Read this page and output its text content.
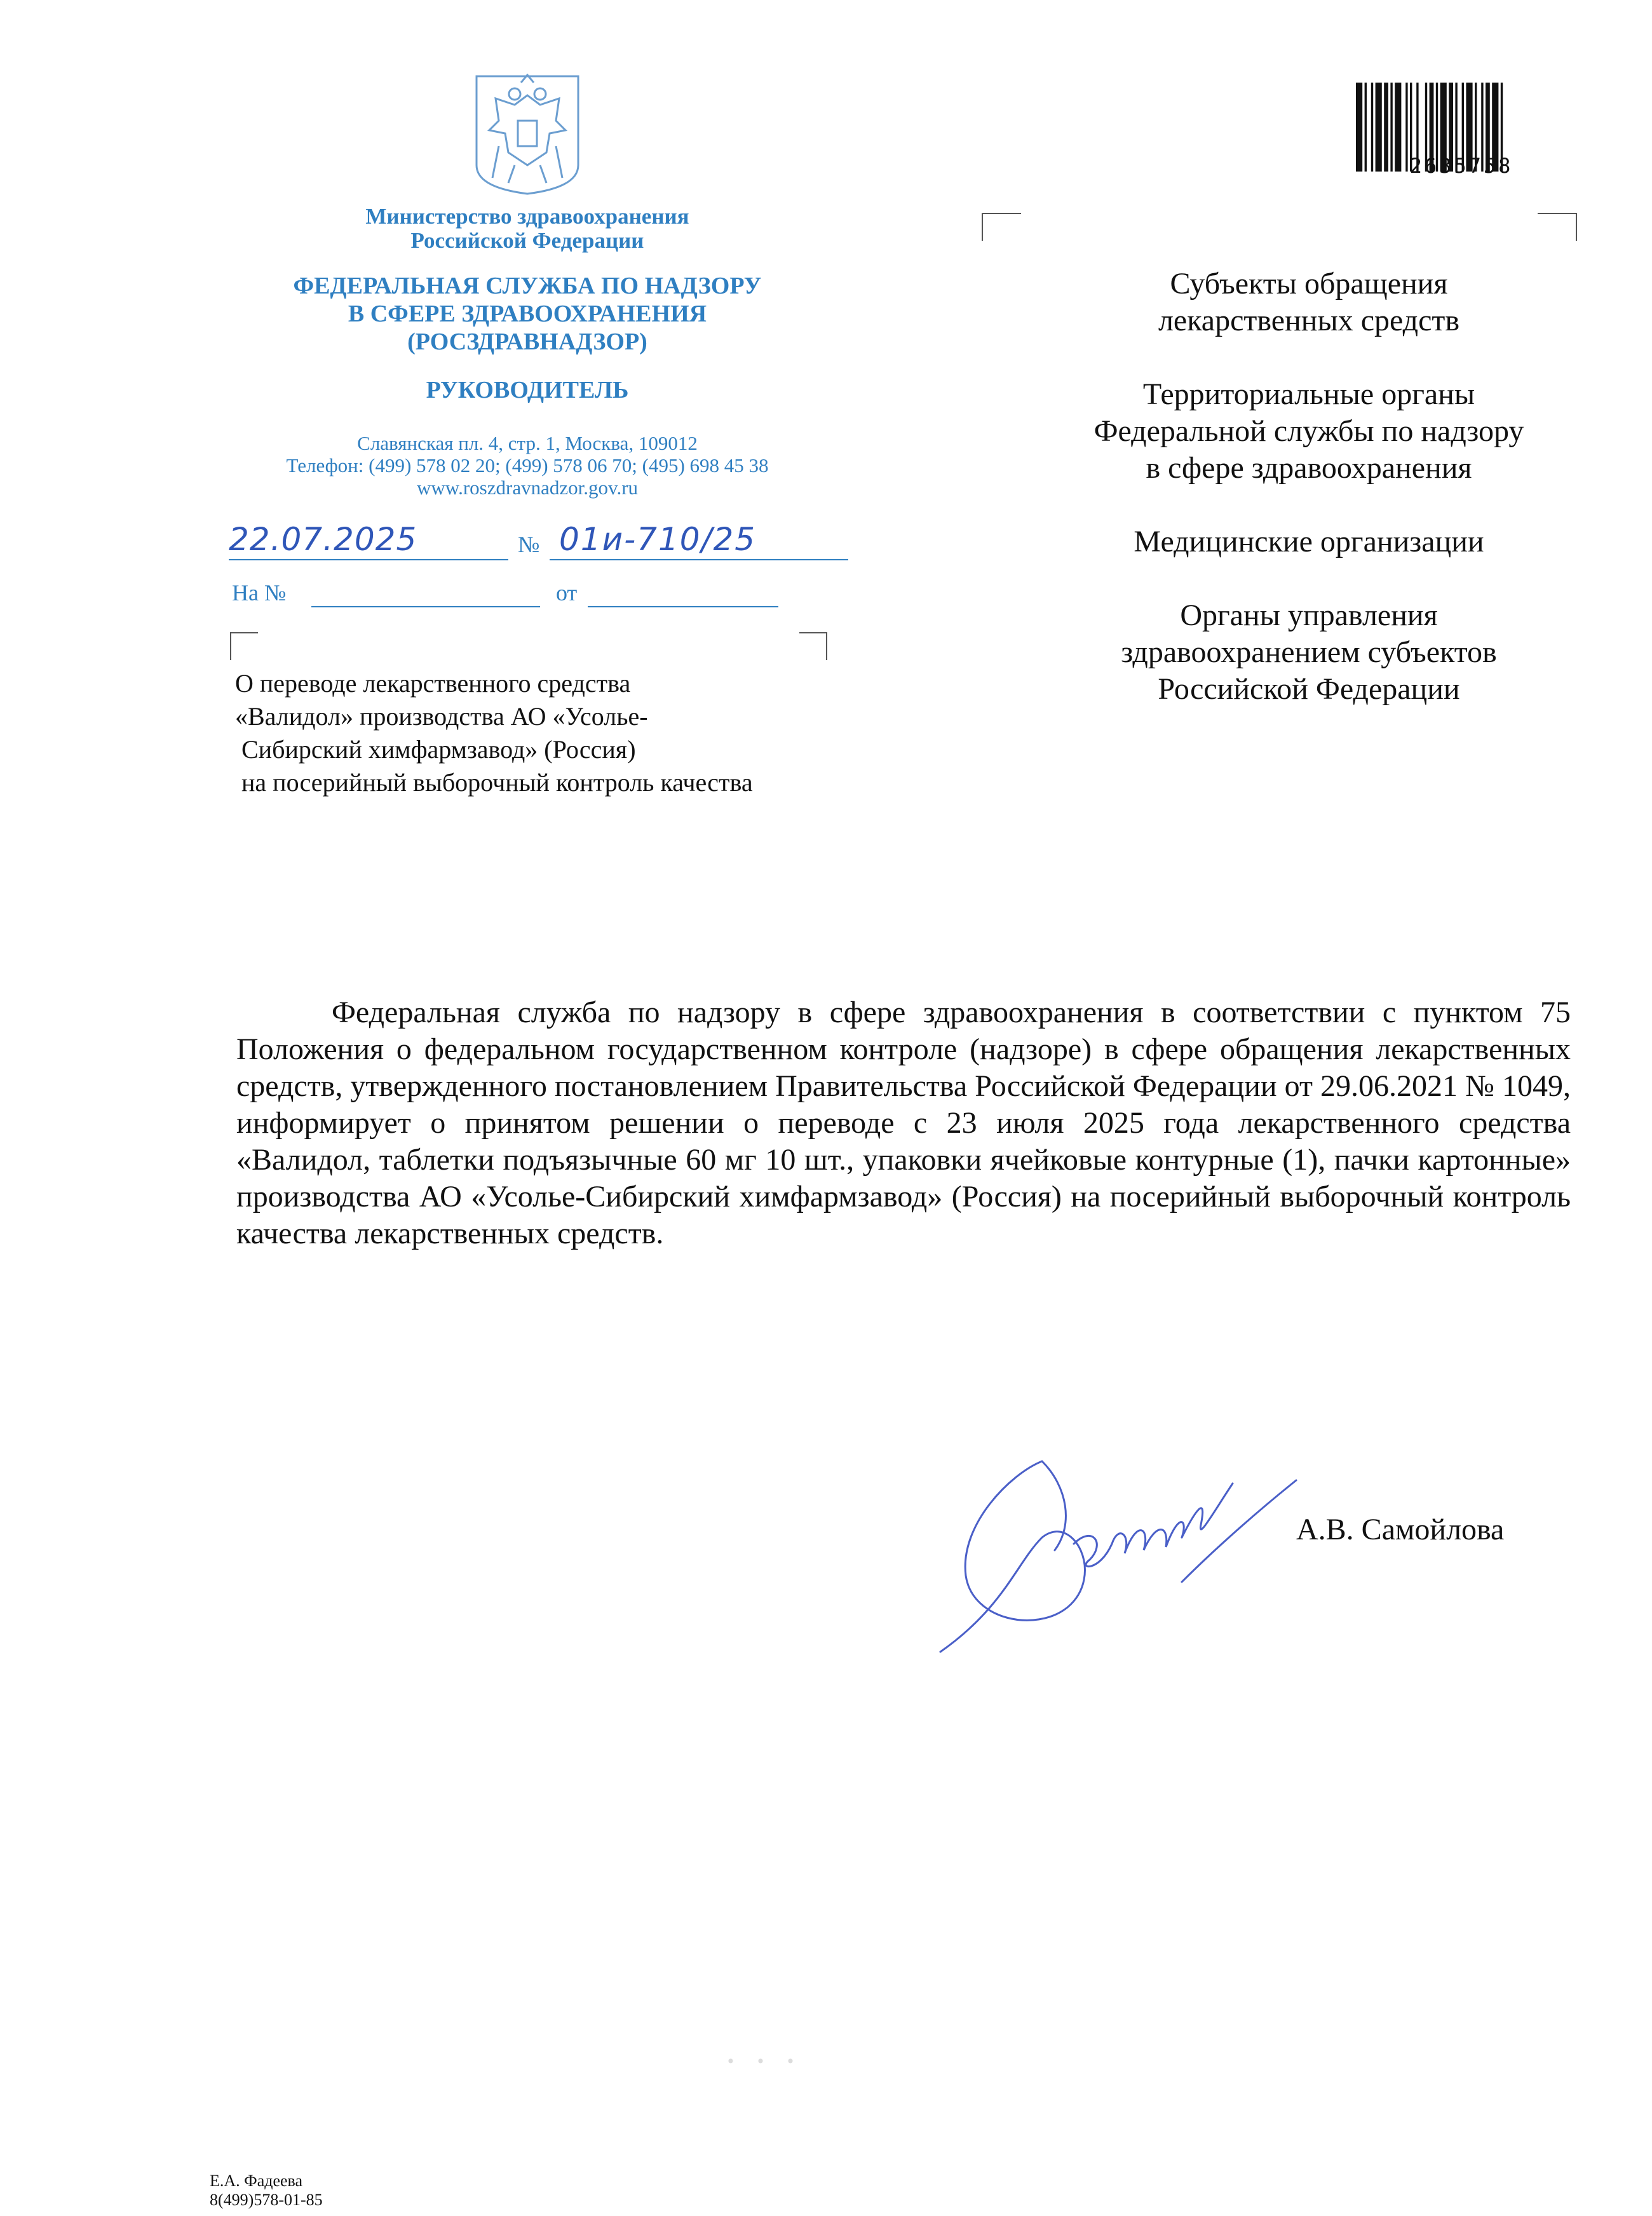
Министерство здравоохранения
Российской Федерации
ФЕДЕРАЛЬНАЯ СЛУЖБА ПО НАДЗОРУ
В СФЕРЕ ЗДРАВООХРАНЕНИЯ
(РОСЗДРАВНАДЗОР)
РУКОВОДИТЕЛЬ
Славянская пл. 4, стр. 1, Москва, 109012
Телефон: (499) 578 02 20; (499) 578 06 70; (495) 698 45 38
www.roszdravnadzor.gov.ru
22.07.2025	№ 01и-710/25
На №	от
О переводе лекарственного средства
«Валидол» производства АО «Усолье-
Сибирский химфармзавод» (Россия)
на посерийный выборочный контроль качества
2635758
Субъекты обращения
лекарственных средств
Территориальные органы
Федеральной службы по надзору
в сфере здравоохранения
Медицинские организации
Органы управления
здравоохранением субъектов
Российской Федерации
Федеральная служба по надзору в сфере здравоохранения в соответствии с пунктом 75 Положения о федеральном государственном контроле (надзоре) в сфере обращения лекарственных средств, утвержденного постановлением Правительства Российской Федерации от 29.06.2021 № 1049, информирует о принятом решении о переводе с 23 июля 2025 года лекарственного средства «Валидол, таблетки подъязычные 60 мг 10 шт., упаковки ячейковые контурные (1), пачки картонные» производства АО «Усолье-Сибирский химфармзавод» (Россия) на посерийный выборочный контроль качества лекарственных средств.
А.В. Самойлова
· · ·
Е.А. Фадеева
8(499)578-01-85
